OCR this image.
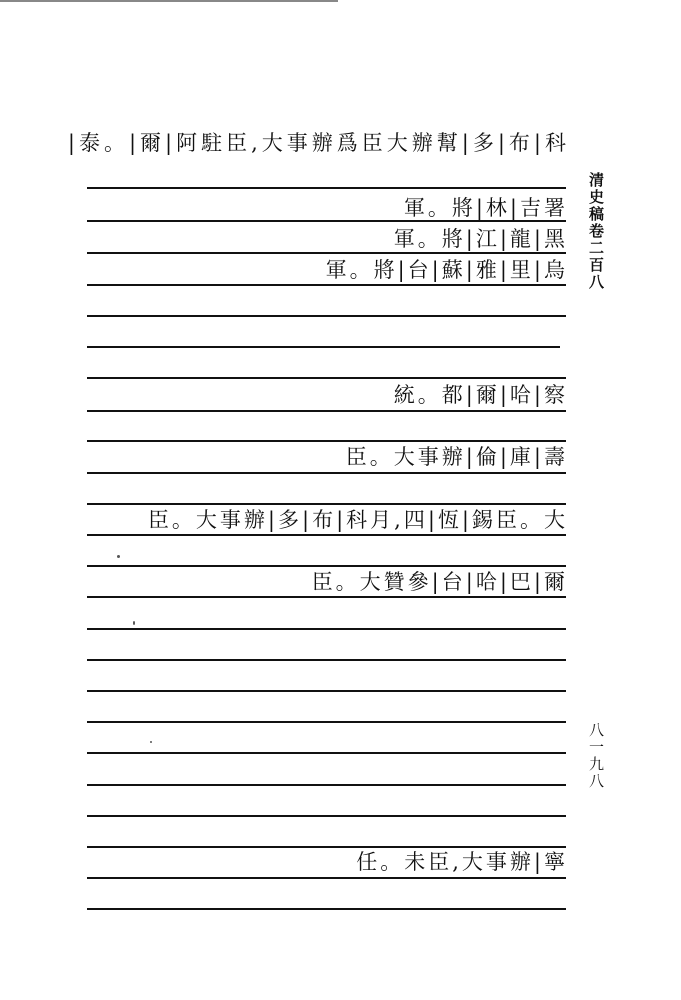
|泰。|爾|阿駐臣,大事辦爲臣大辦幫|多|布|科
軍。將|林|吉署
軍。將|江|龍|黑
軍。將|台|蘇|雅|里|烏
統。都|爾|哈|察
臣。大事辦|倫|庫|壽
臣。大事辦|多|布|科月,四|恆|錫臣。大
臣。大贊參|台|哈|巴|爾
任。未臣,大事辦|寧
清史稿卷二百八
八一九八
